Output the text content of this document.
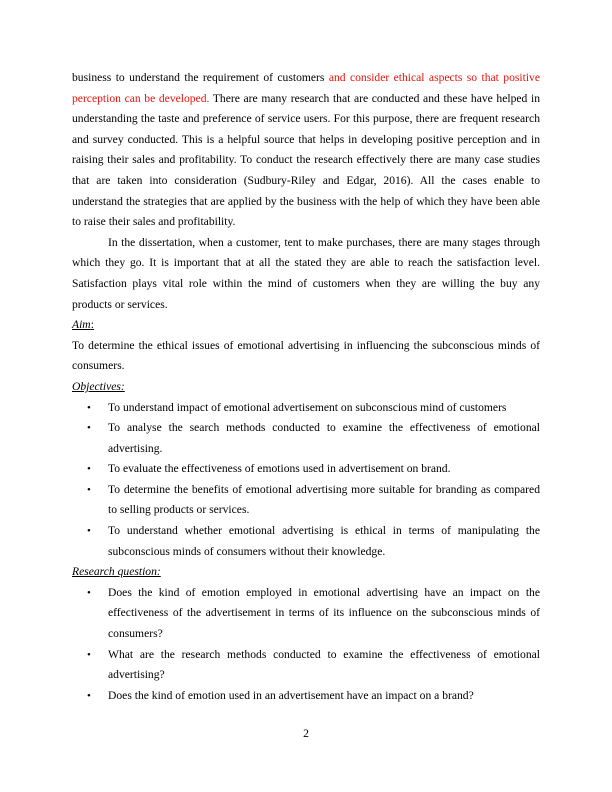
business to understand the requirement of customers and consider ethical aspects so that positive perception can be developed. There are many research that are conducted and these have helped in understanding the taste and preference of service users. For this purpose, there are frequent research and survey conducted. This is a helpful source that helps in developing positive perception and in raising their sales and profitability. To conduct the research effectively there are many case studies that are taken into consideration (Sudbury-Riley and Edgar, 2016). All the cases enable to understand the strategies that are applied by the business with the help of which they have been able to raise their sales and profitability.

In the dissertation, when a customer, tent to make purchases, there are many stages through which they go. It is important that at all the stated they are able to reach the satisfaction level. Satisfaction plays vital role within the mind of customers when they are willing the buy any products or services.

Aim:

To determine the ethical issues of emotional advertising in influencing the subconscious minds of consumers.

Objectives:

• To understand impact of emotional advertisement on subconscious mind of customers
• To analyse the search methods conducted to examine the effectiveness of emotional advertising.
• To evaluate the effectiveness of emotions used in advertisement on brand.
• To determine the benefits of emotional advertising more suitable for branding as compared to selling products or services.
• To understand whether emotional advertising is ethical in terms of manipulating the subconscious minds of consumers without their knowledge.

Research question:

• Does the kind of emotion employed in emotional advertising have an impact on the effectiveness of the advertisement in terms of its influence on the subconscious minds of consumers?
• What are the research methods conducted to examine the effectiveness of emotional advertising?
• Does the kind of emotion used in an advertisement have an impact on a brand?
2
